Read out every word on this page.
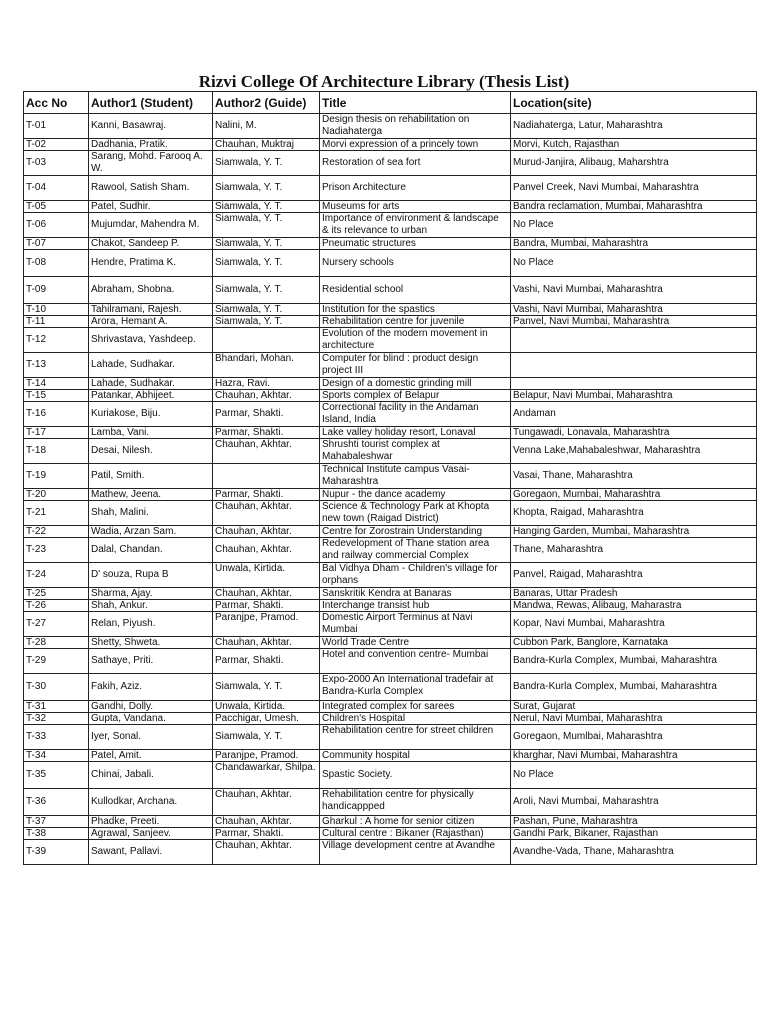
Rizvi College Of Architecture Library (Thesis List)
Acc No	Author1 (Student)	Author2 (Guide)	Title	Location(site)
T-01	Kanni, Basawraj.	Nalini, M.	Design thesis on rehabilitation on Nadiahaterga	Nadiahaterga, Latur, Maharashtra
T-02	Dadhania, Pratik.	Chauhan, Muktraj	Morvi expression of a princely town	Morvi, Kutch, Rajasthan
T-03	Sarang, Mohd. Farooq A. W.	Siamwala, Y. T.	Restoration of sea fort	Murud-Janjira, Alibaug, Maharshtra
T-04	Rawool, Satish Sham.	Siamwala, Y. T.	Prison Architecture	Panvel Creek, Navi Mumbai, Maharashtra
T-05	Patel, Sudhir.	Siamwala, Y. T.	Museums for arts	Bandra reclamation, Mumbai, Maharashtra
T-06	Mujumdar, Mahendra M.	Siamwala, Y. T.	Importance of environment & landscape & its relevance to urban	No Place
T-07	Chakot, Sandeep P.	Siamwala, Y. T.	Pneumatic structures	Bandra, Mumbai, Maharashtra
T-08	Hendre, Pratima K.	Siamwala, Y. T.	Nursery schools	No Place
T-09	Abraham, Shobna.	Siamwala, Y. T.	Residential school	Vashi, Navi Mumbai, Maharashtra
T-10	Tahilramani, Rajesh.	Siamwala, Y. T.	Institution for the spastics	Vashi, Navi Mumbai, Maharashtra
T-11	Arora, Hemant A.	Siamwala, Y. T.	Rehabilitation centre for juvenile	Panvel, Navi Mumbai, Maharashtra
T-12	Shrivastava, Yashdeep.		Evolution of the modern movement in architecture	
T-13	Lahade, Sudhakar.	Bhandari, Mohan.	Computer for blind : product design project III	
T-14	Lahade, Sudhakar.	Hazra, Ravi.	Design of a domestic grinding mill	
T-15	Patankar, Abhijeet.	Chauhan, Akhtar.	Sports complex of Belapur	Belapur, Navi Mumbai, Maharashtra
T-16	Kuriakose, Biju.	Parmar, Shakti.	Correctional facility in the Andaman Island, India	Andaman
T-17	Lamba, Vani.	Parmar, Shakti.	Lake valley holiday resort, Lonaval	Tungawadi, Lonavala, Maharashtra
T-18	Desai, Nilesh.	Chauhan, Akhtar.	Shrushti tourist complex at Mahabaleshwar	Venna Lake,Mahabaleshwar, Maharashtra
T-19	Patil, Smith.		Technical Institute campus Vasai-Maharashtra	Vasai, Thane, Maharashtra
T-20	Mathew, Jeena.	Parmar, Shakti.	Nupur - the dance academy	Goregaon, Mumbai, Maharashtra
T-21	Shah, Malini.	Chauhan, Akhtar.	Science & Technology Park at Khopta new town (Raigad District)	Khopta, Raigad, Maharashtra
T-22	Wadia, Arzan Sam.	Chauhan, Akhtar.	Centre for Zorostrain Understanding	Hanging Garden, Mumbai, Maharashtra
T-23	Dalal, Chandan.	Chauhan, Akhtar.	Redevelopment of Thane station area and railway commercial Complex	Thane, Maharashtra
T-24	D' souza, Rupa B	Unwala, Kirtida.	Bal Vidhya Dham - Children's village for orphans	Panvel, Raigad, Maharashtra
T-25	Sharma, Ajay.	Chauhan, Akhtar.	Sanskritik Kendra at Banaras	Banaras, Uttar Pradesh
T-26	Shah, Ankur.	Parmar, Shakti.	Interchange transist hub	Mandwa, Rewas, Alibaug, Maharastra
T-27	Relan, Piyush.	Paranjpe, Pramod.	Domestic Airport Terminus at Navi Mumbai	Kopar, Navi Mumbai, Maharashtra
T-28	Shetty, Shweta.	Chauhan, Akhtar.	World Trade Centre	Cubbon Park, Banglore, Karnataka
T-29	Sathaye, Priti.	Parmar, Shakti.	Hotel and convention centre- Mumbai	Bandra-Kurla Complex, Mumbai, Maharashtra
T-30	Fakih, Aziz.	Siamwala, Y. T.	Expo-2000 An International tradefair at Bandra-Kurla Complex	Bandra-Kurla Complex, Mumbai, Maharashtra
T-31	Gandhi, Dolly.	Unwala, Kirtida.	Integrated complex for sarees	Surat, Gujarat
T-32	Gupta, Vandana.	Pacchigar, Umesh.	Children's Hospital	Nerul, Navi Mumbai, Maharashtra
T-33	Iyer, Sonal.	Siamwala, Y. T.	Rehabilitation centre for street children	Goregaon, Mumlbai, Maharashtra
T-34	Patel, Amit.	Paranjpe, Pramod.	Community hospital	kharghar, Navi Mumbai, Maharashtra
T-35	Chinai, Jabali.	Chandawarkar, Shilpa.	Spastic Society.	No Place
T-36	Kullodkar, Archana.	Chauhan, Akhtar.	Rehabilitation centre for physically handicappped	Aroli, Navi Mumbai, Maharashtra
T-37	Phadke, Preeti.	Chauhan, Akhtar.	Gharkul : A home for senior citizen	Pashan, Pune, Maharashtra
T-38	Agrawal, Sanjeev.	Parmar, Shakti.	Cultural centre : Bikaner (Rajasthan)	Gandhi Park, Bikaner, Rajasthan
T-39	Sawant, Pallavi.	Chauhan, Akhtar.	Village development centre at Avandhe	Avandhe-Vada, Thane, Maharashtra
